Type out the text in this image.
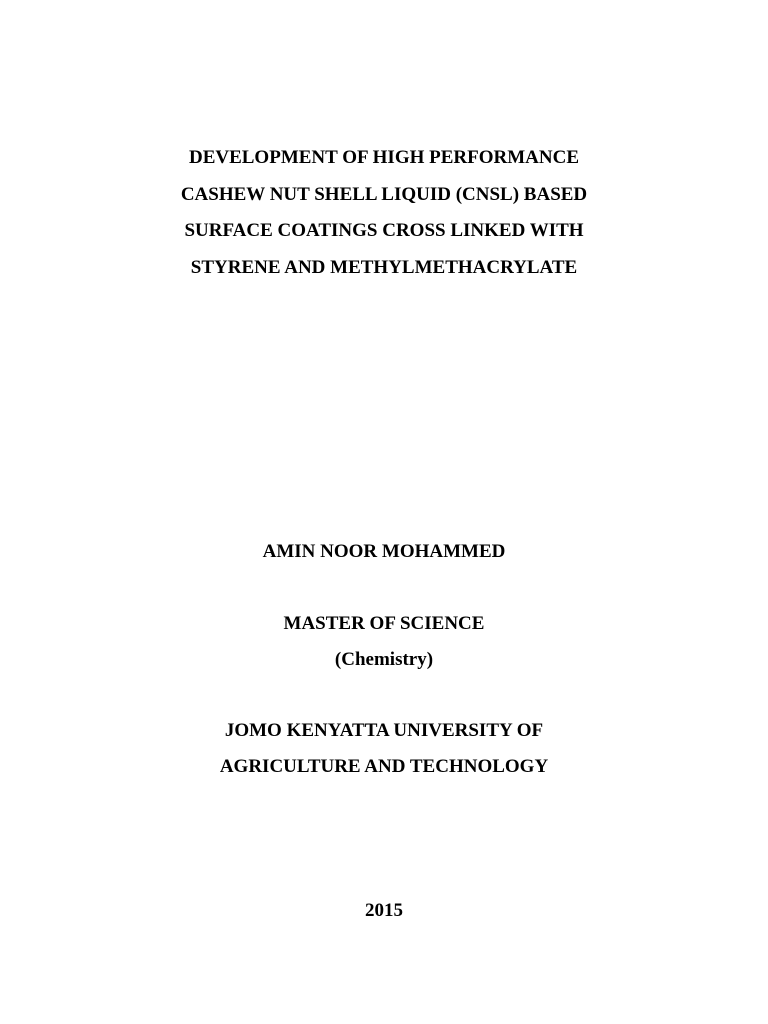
DEVELOPMENT OF HIGH PERFORMANCE

CASHEW NUT SHELL LIQUID (CNSL) BASED

SURFACE COATINGS CROSS LINKED WITH

STYRENE AND METHYLMETHACRYLATE

AMIN NOOR MOHAMMED

MASTER OF SCIENCE

(Chemistry)

JOMO KENYATTA UNIVERSITY OF

AGRICULTURE AND TECHNOLOGY

2015
